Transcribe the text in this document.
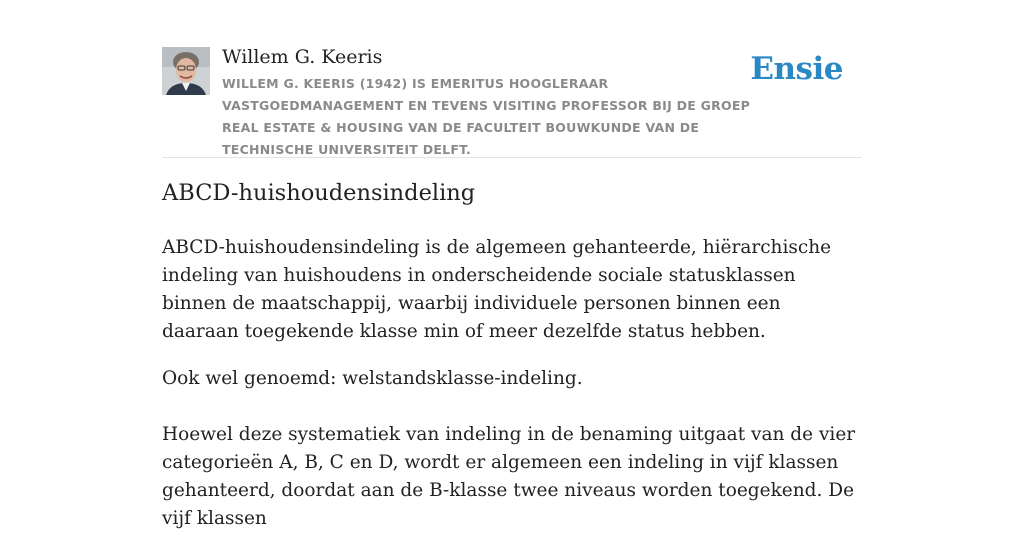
Willem G. Keeris
WILLEM G. KEERIS (1942) IS EMERITUS HOOGLERAAR VASTGOEDMANAGEMENT EN TEVENS VISITING PROFESSOR BIJ DE GROEP REAL ESTATE & HOUSING VAN DE FACULTEIT BOUWKUNDE VAN DE TECHNISCHE UNIVERSITEIT DELFT.
Ensie
ABCD-huishoudensindeling

ABCD-huishoudensindeling is de algemeen gehanteerde, hiërarchische indeling van huishoudens in onderscheidende sociale statusklassen binnen de maatschappij, waarbij individuele personen binnen een daaraan toegekende klasse min of meer dezelfde status hebben.

Ook wel genoemd: welstandsklasse-indeling.

Hoewel deze systematiek van indeling in de benaming uitgaat van de vier categorieën A, B, C en D, wordt er algemeen een indeling in vijf klassen gehanteerd, doordat aan de B-klasse twee niveaus worden toegekend. De vijf klassen
